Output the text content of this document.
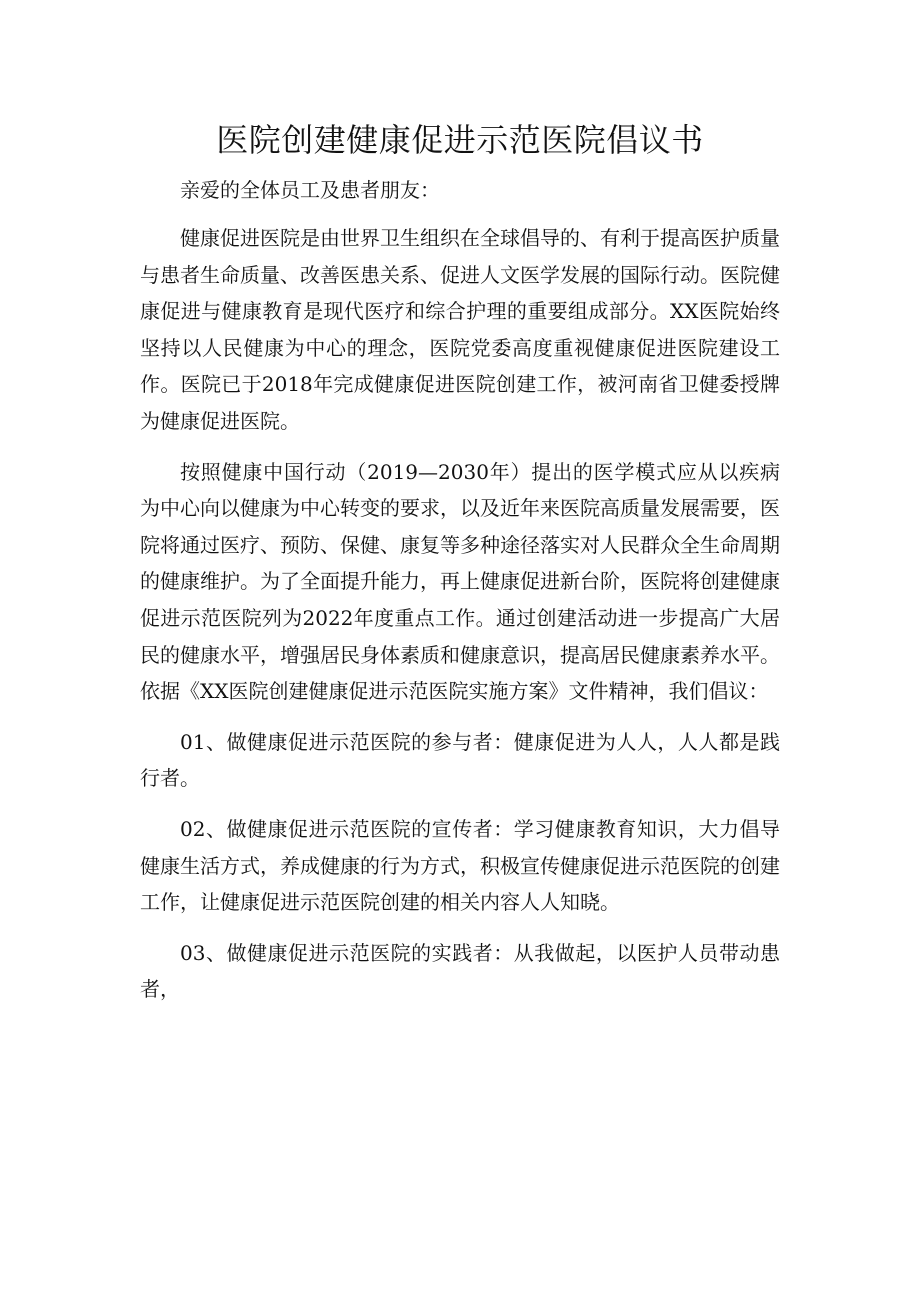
医院创建健康促进示范医院倡议书

亲爱的全体员工及患者朋友：

健康促进医院是由世界卫生组织在全球倡导的、有利于提高医护质量与患者生命质量、改善医患关系、促进人文医学发展的国际行动。医院健康促进与健康教育是现代医疗和综合护理的重要组成部分。XX医院始终坚持以人民健康为中心的理念，医院党委高度重视健康促进医院建设工作。医院已于2018年完成健康促进医院创建工作，被河南省卫健委授牌为健康促进医院。

按照健康中国行动（2019—2030年）提出的医学模式应从以疾病为中心向以健康为中心转变的要求，以及近年来医院高质量发展需要，医院将通过医疗、预防、保健、康复等多种途径落实对人民群众全生命周期的健康维护。为了全面提升能力，再上健康促进新台阶，医院将创建健康促进示范医院列为2022年度重点工作。通过创建活动进一步提高广大居民的健康水平，增强居民身体素质和健康意识，提高居民健康素养水平。依据《XX医院创建健康促进示范医院实施方案》文件精神，我们倡议：

01、做健康促进示范医院的参与者：健康促进为人人，人人都是践行者。

02、做健康促进示范医院的宣传者：学习健康教育知识，大力倡导健康生活方式，养成健康的行为方式，积极宣传健康促进示范医院的创建工作，让健康促进示范医院创建的相关内容人人知晓。

03、做健康促进示范医院的实践者：从我做起，以医护人员带动患者，
